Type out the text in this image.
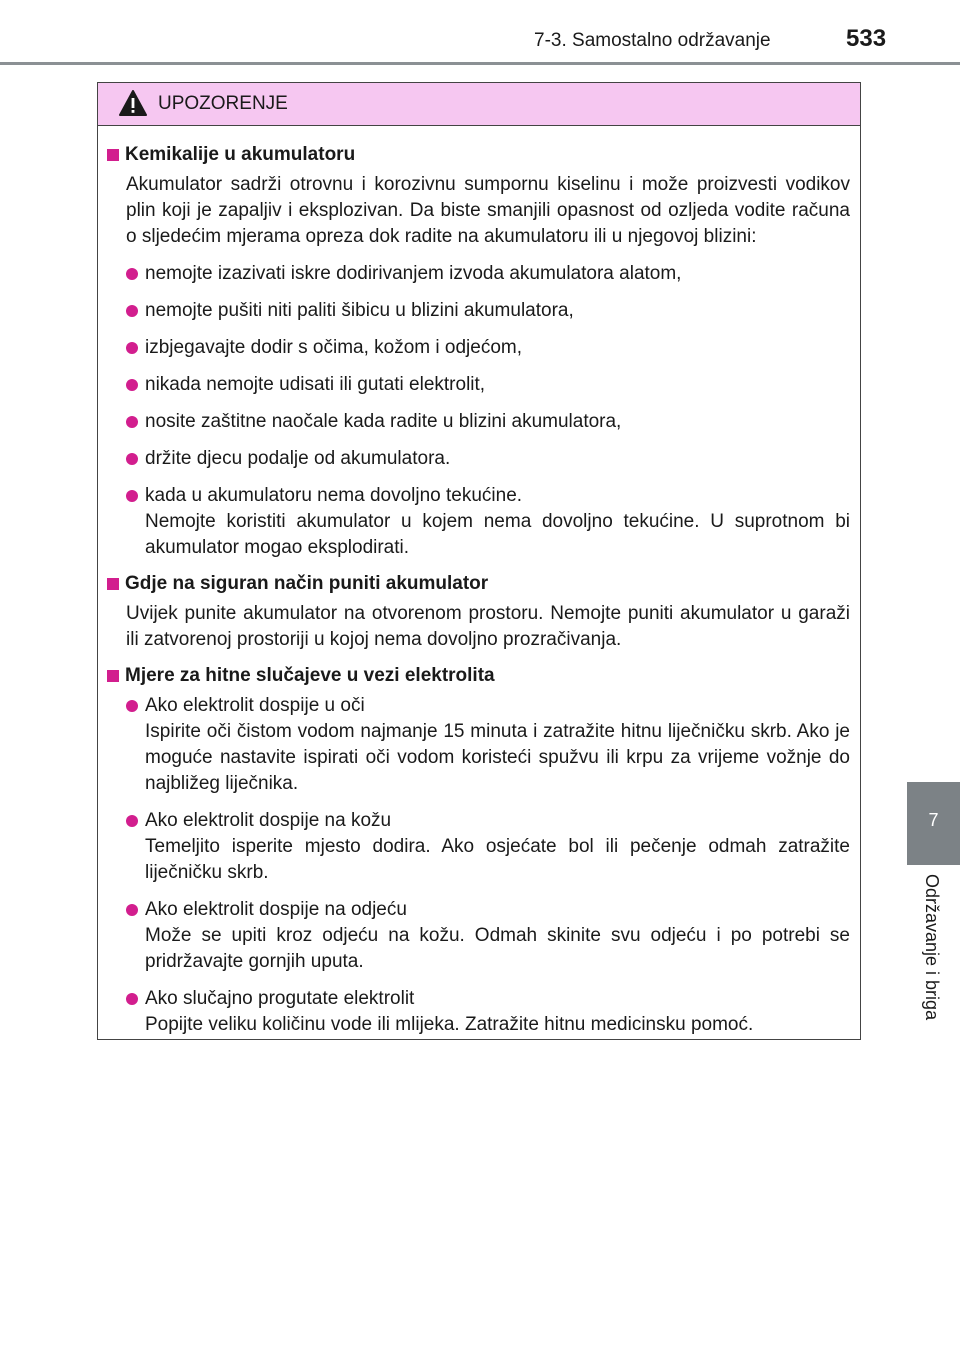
7-3. Samostalno održavanje	533
7
Održavanje i briga
UPOZORENJE
Kemikalije u akumulatoru
Akumulator sadrži otrovnu i korozivnu sumpornu kiselinu i može proizvesti vodikov plin koji je zapaljiv i eksplozivan. Da biste smanjili opasnost od ozljeda vodite računa o sljedećim mjerama opreza dok radite na akumulatoru ili u njegovoj blizini:
nemojte izazivati iskre dodirivanjem izvoda akumulatora alatom,
nemojte pušiti niti paliti šibicu u blizini akumulatora,
izbjegavajte dodir s očima, kožom i odjećom,
nikada nemojte udisati ili gutati elektrolit,
nosite zaštitne naočale kada radite u blizini akumulatora,
držite djecu podalje od akumulatora.
kada u akumulatoru nema dovoljno tekućine.
Nemojte koristiti akumulator u kojem nema dovoljno tekućine. U suprotnom bi akumulator mogao eksplodirati.
Gdje na siguran način puniti akumulator
Uvijek punite akumulator na otvorenom prostoru. Nemojte puniti akumulator u garaži ili zatvorenoj prostoriji u kojoj nema dovoljno prozračivanja.
Mjere za hitne slučajeve u vezi elektrolita
Ako elektrolit dospije u oči
Ispirite oči čistom vodom najmanje 15 minuta i zatražite hitnu liječničku skrb. Ako je moguće nastavite ispirati oči vodom koristeći spužvu ili krpu za vrijeme vožnje do najbližeg liječnika.
Ako elektrolit dospije na kožu
Temeljito isperite mjesto dodira. Ako osjećate bol ili pečenje odmah zatražite liječničku skrb.
Ako elektrolit dospije na odjeću
Može se upiti kroz odjeću na kožu. Odmah skinite svu odjeću i po potrebi se pridržavajte gornjih uputa.
Ako slučajno progutate elektrolit
Popijte veliku količinu vode ili mlijeka. Zatražite hitnu medicinsku pomoć.
